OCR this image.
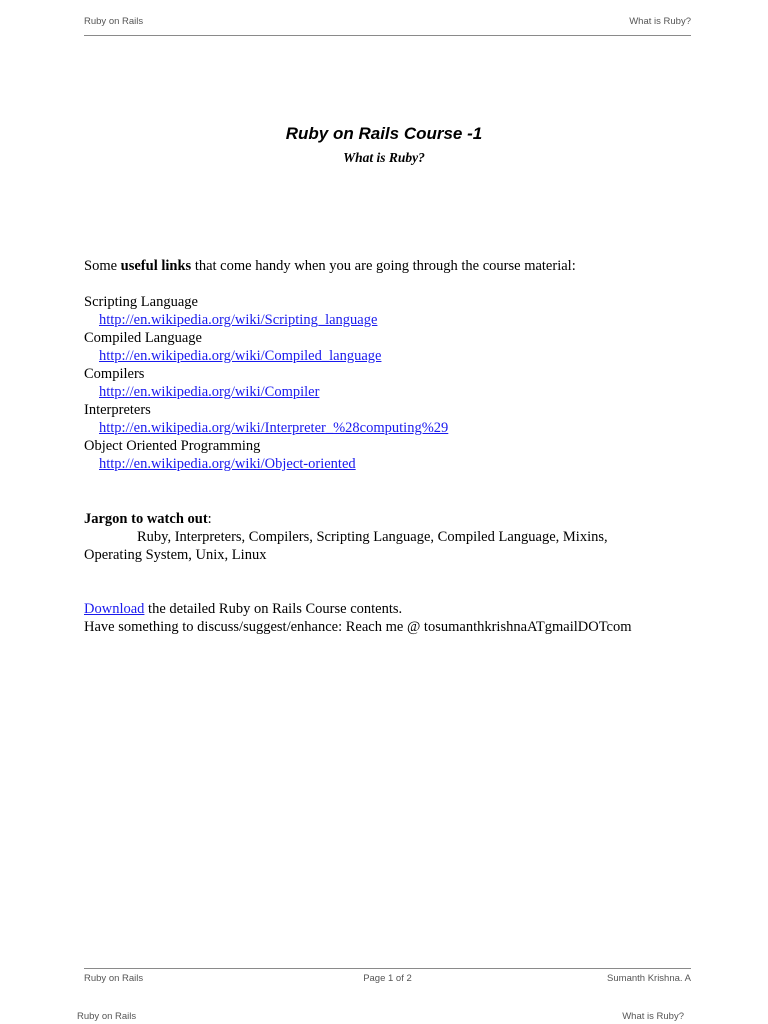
Ruby on Rails	What is Ruby?
Ruby on Rails Course -1
What is Ruby?
Some useful links that come handy when you are going through the course material:
Scripting Language
http://en.wikipedia.org/wiki/Scripting_language
Compiled Language
http://en.wikipedia.org/wiki/Compiled_language
Compilers
http://en.wikipedia.org/wiki/Compiler
Interpreters
http://en.wikipedia.org/wiki/Interpreter_%28computing%29
Object Oriented Programming
http://en.wikipedia.org/wiki/Object-oriented
Jargon to watch out:
Ruby, Interpreters, Compilers, Scripting Language, Compiled Language, Mixins,
Operating System, Unix, Linux
Download the detailed Ruby on Rails Course contents.
Have something to discuss/suggest/enhance: Reach me @ tosumanthkrishnaATgmailDOTcom
Ruby on Rails	Page 1 of 2	Sumanth Krishna. A
Ruby on Rails	What is Ruby?
